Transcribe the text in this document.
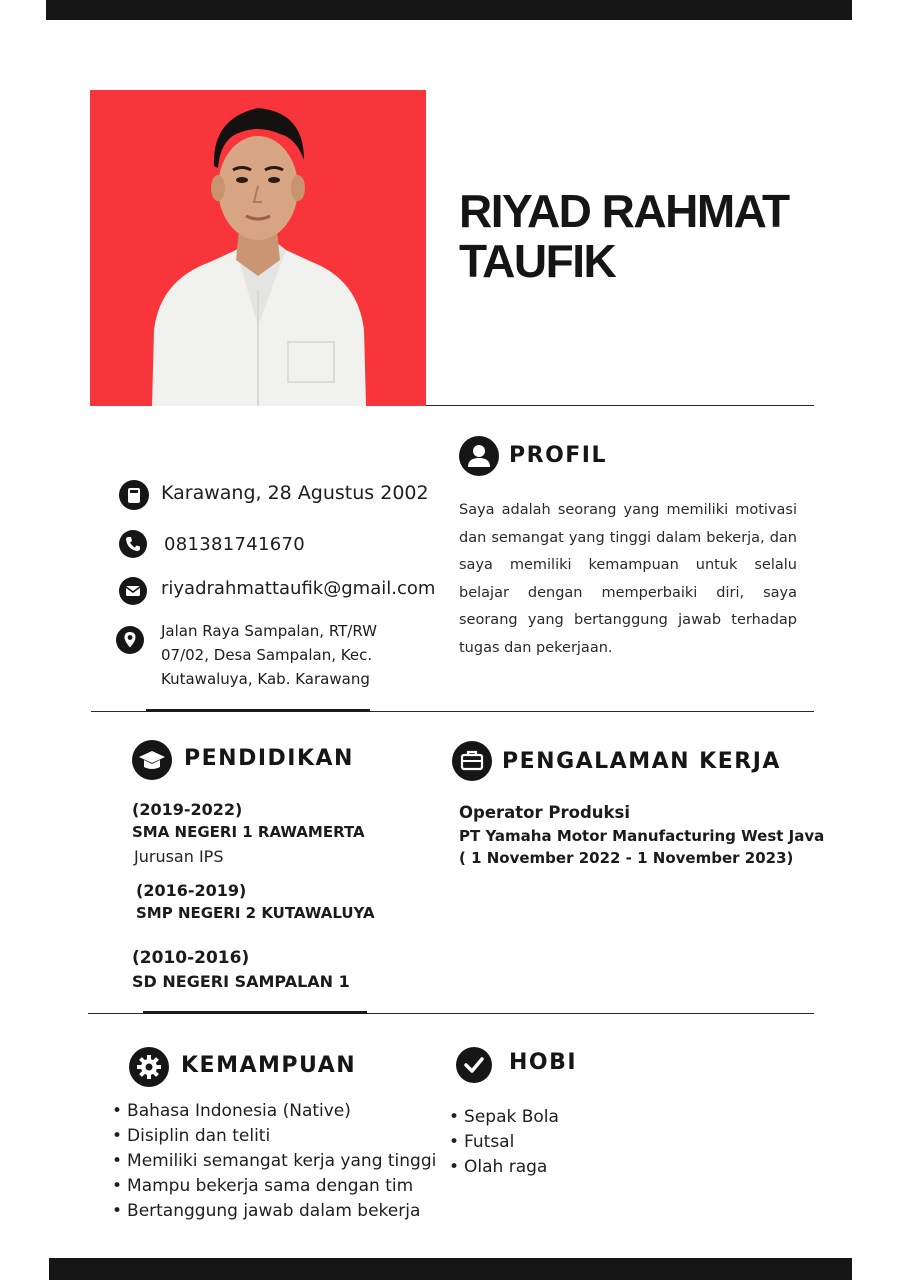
RIYAD RAHMAT
TAUFIK
Karawang, 28 Agustus 2002
081381741670
riyadrahmattaufik@gmail.com
Jalan Raya Sampalan, RT/RW
07/02, Desa Sampalan, Kec.
Kutawaluya, Kab. Karawang
PROFIL
Saya adalah seorang yang memiliki motivasi dan semangat yang tinggi dalam bekerja, dan saya memiliki kemampuan untuk selalu belajar dengan memperbaiki diri, saya seorang yang bertanggung jawab terhadap tugas dan pekerjaan.
PENDIDIKAN
(2019-2022)
SMA NEGERI 1 RAWAMERTA
Jurusan IPS
(2016-2019)
SMP NEGERI 2 KUTAWALUYA
(2010-2016)
SD NEGERI SAMPALAN 1
PENGALAMAN KERJA
Operator Produksi
PT Yamaha Motor Manufacturing West Java
( 1 November 2022 - 1 November 2023)
KEMAMPUAN
• Bahasa Indonesia (Native)
• Disiplin dan teliti
• Memiliki semangat kerja yang tinggi
• Mampu bekerja sama dengan tim
• Bertanggung jawab dalam bekerja
HOBI
• Sepak Bola
• Futsal
• Olah raga
